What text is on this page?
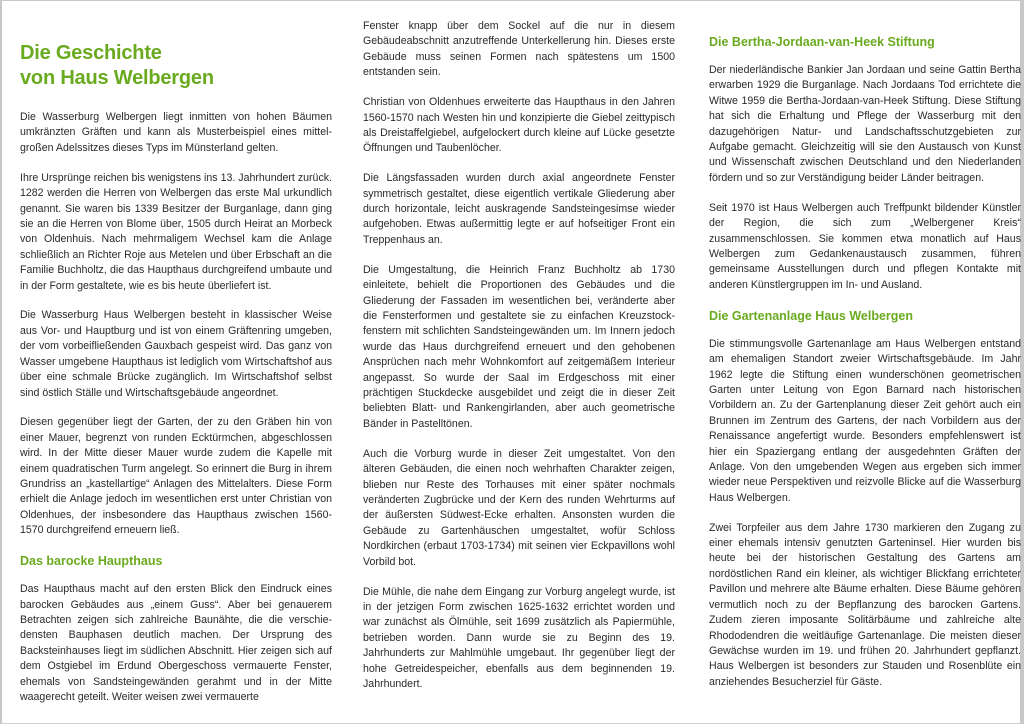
Die Geschichte
von Haus Welbergen

Die Wasserburg Welbergen liegt inmitten von hohen Bäumen umkränzten Gräften und kann als Musterbeispiel eines mittelgroßen Adelssitzes dieses Typs im Münsterland gelten.

Ihre Ursprünge reichen bis wenigstens ins 13. Jahrhundert zurück. 1282 werden die Herren von Welbergen das erste Mal urkundlich genannt. Sie waren bis 1339 Besitzer der Burganlage, dann ging sie an die Herren von Blome über, 1505 durch Heirat an Morbeck von Oldenhuis. Nach mehrmaligem Wechsel kam die Anlage schließlich an Richter Roje aus Metelen und über Erbschaft an die Familie Buchholtz, die das Haupthaus durchgreifend umbaute und in der Form gestaltete, wie es bis heute überliefert ist.

Die Wasserburg Haus Welbergen besteht in klassischer Weise aus Vor- und Hauptburg und ist von einem Gräftenring umgeben, der vom vorbeifließenden Gauxbach gespeist wird. Das ganz von Wasser umgebene Haupthaus ist lediglich vom Wirtschaftshof aus über eine schmale Brücke zugänglich. Im Wirtschaftshof selbst sind östlich Ställe und Wirtschaftsgebäude angeordnet.

Diesen gegenüber liegt der Garten, der zu den Gräben hin von einer Mauer, begrenzt von runden Ecktürmchen, abgeschlossen wird. In der Mitte dieser Mauer wurde zudem die Kapelle mit einem quadratischen Turm angelegt. So erinnert die Burg in ihrem Grundriss an „kastellartige“ Anlagen des Mittelalters. Diese Form erhielt die Anlage jedoch im wesentlichen erst unter Christian von Oldenhues, der insbesondere das Haupthaus zwischen 1560-1570 durchgreifend erneuern ließ.

Das barocke Haupthaus

Das Haupthaus macht auf den ersten Blick den Eindruck eines barocken Gebäudes aus „einem Guss“. Aber bei genauerem Betrachten zeigen sich zahlreiche Baunähte, die die verschiedensten Bauphasen deutlich machen. Der Ursprung des Backsteinhauses liegt im südlichen Abschnitt. Hier zeigen sich auf dem Ostgiebel im Erdund Obergeschoss vermauerte Fenster, ehemals von Sandsteingewänden gerahmt und in der Mitte waagerecht geteilt. Weiter weisen zwei vermauerte

Fenster knapp über dem Sockel auf die nur in diesem Gebäudeabschnitt anzutreffende Unterkellerung hin. Dieses erste Gebäude muss seinen Formen nach spätestens um 1500 entstanden sein.

Christian von Oldenhues erweiterte das Haupthaus in den Jahren 1560-1570 nach Westen hin und konzipierte die Giebel zeittypisch als Dreistaffelgiebel, aufgelockert durch kleine auf Lücke gesetzte Öffnungen und Taubenlöcher.

Die Längsfassaden wurden durch axial angeordnete Fenster symmetrisch gestaltet, diese eigentlich vertikale Gliederung aber durch horizontale, leicht auskragende Sandsteingesimse wieder aufgehoben. Etwas außermittig legte er auf hofseitiger Front ein Treppenhaus an.

Die Umgestaltung, die Heinrich Franz Buchholtz ab 1730 einleitete, behielt die Proportionen des Gebäudes und die Gliederung der Fassaden im wesentlichen bei, veränderte aber die Fensterformen und gestaltete sie zu einfachen Kreuzstockfenstern mit schlichten Sandsteingewänden um. Im Innern jedoch wurde das Haus durchgreifend erneuert und den gehobenen Ansprüchen nach mehr Wohnkomfort auf zeitgemäßem Interieur angepasst. So wurde der Saal im Erdgeschoss mit einer prächtigen Stuckdecke ausgebildet und zeigt die in dieser Zeit beliebten Blatt- und Rankengirlanden, aber auch geometrische Bänder in Pastelltönen.

Auch die Vorburg wurde in dieser Zeit umgestaltet. Von den älteren Gebäuden, die einen noch wehrhaften Charakter zeigen, blieben nur Reste des Torhauses mit einer später nochmals veränderten Zugbrücke und der Kern des runden Wehrturms auf der äußersten Südwest-Ecke erhalten. Ansonsten wurden die Gebäude zu Gartenhäuschen umgestaltet, wofür Schloss Nordkirchen (erbaut 1703-1734) mit seinen vier Eckpavillons wohl Vorbild bot.

Die Mühle, die nahe dem Eingang zur Vorburg angelegt wurde, ist in der jetzigen Form zwischen 1625-1632 errichtet worden und war zunächst als Ölmühle, seit 1699 zusätzlich als Papiermühle, betrieben worden. Dann wurde sie zu Beginn des 19. Jahrhunderts zur Mahlmühle umgebaut. Ihr gegenüber liegt der hohe Getreidespeicher, ebenfalls aus dem beginnenden 19. Jahrhundert.

Die Bertha-Jordaan-van-Heek Stiftung

Der niederländische Bankier Jan Jordaan und seine Gattin Bertha erwarben 1929 die Burganlage. Nach Jordaans Tod errichtete die Witwe 1959 die Bertha-Jordaan-van-Heek Stiftung. Diese Stiftung hat sich die Erhaltung und Pflege der Wasserburg mit den dazugehörigen Natur- und Landschaftsschutzgebieten zur Aufgabe gemacht. Gleichzeitig will sie den Austausch von Kunst und Wissenschaft zwischen Deutschland und den Niederlanden fördern und so zur Verständigung beider Länder beitragen.

Seit 1970 ist Haus Welbergen auch Treffpunkt bildender Künstler der Region, die sich zum „Welbergener Kreis“ zusammenschlossen. Sie kommen etwa monatlich auf Haus Welbergen zum Gedankenaustausch zusammen, führen gemeinsame Ausstellungen durch und pflegen Kontakte mit anderen Künstlergruppen im In- und Ausland.

Die Gartenanlage Haus Welbergen

Die stimmungsvolle Gartenanlage am Haus Welbergen entstand am ehemaligen Standort zweier Wirtschaftsgebäude. Im Jahr 1962 legte die Stiftung einen wunderschönen geometrischen Garten unter Leitung von Egon Barnard nach historischen Vorbildern an. Zu der Gartenplanung dieser Zeit gehört auch ein Brunnen im Zentrum des Gartens, der nach Vorbildern aus der Renaissance angefertigt wurde. Besonders empfehlenswert ist hier ein Spaziergang entlang der ausgedehnten Gräften der Anlage. Von den umgebenden Wegen aus ergeben sich immer wieder neue Perspektiven und reizvolle Blicke auf die Wasserburg Haus Welbergen.

Zwei Torpfeiler aus dem Jahre 1730 markieren den Zugang zu einer ehemals intensiv genutzten Garteninsel. Hier wurden bis heute bei der historischen Gestaltung des Gartens am nordöstlichen Rand ein kleiner, als wichtiger Blickfang errichteter Pavillon und mehrere alte Bäume erhalten. Diese Bäume gehören vermutlich noch zu der Bepflanzung des barocken Gartens. Zudem zieren imposante Solitärbäume und zahlreiche alte Rhododendren die weitläufige Gartenanlage. Die meisten dieser Gewächse wurden im 19. und frühen 20. Jahrhundert gepflanzt. Haus Welbergen ist besonders zur Stauden und Rosenblüte ein anziehendes Besucherziel für Gäste.
